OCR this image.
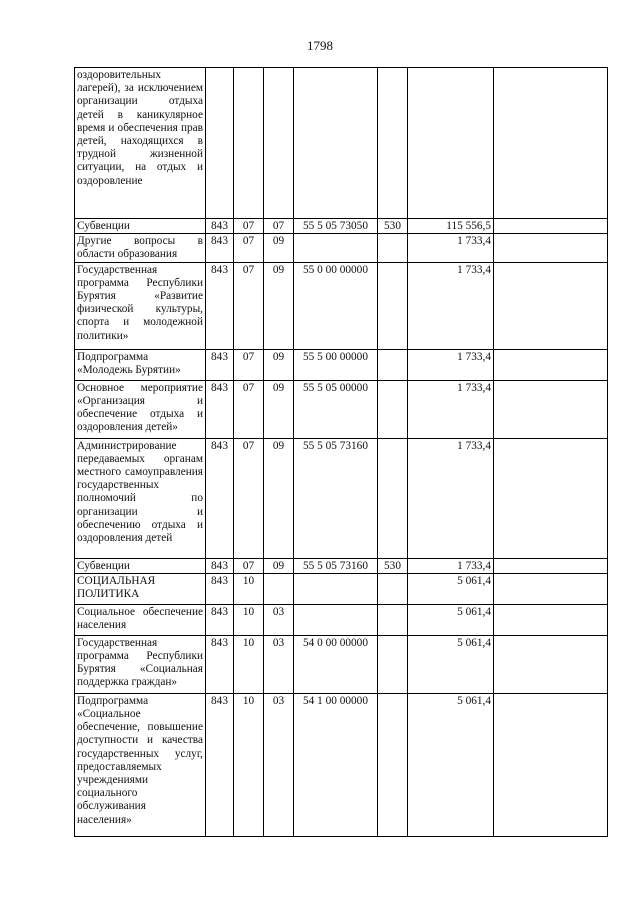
1798
оздоровительных лагерей), за исключением организации отдыха детей в каникулярное время и обеспечения прав детей, находящихся в трудной жизненной ситуации, на отдых и оздоровление							
Субвенции	843	07	07	55 5 05 73050	530	115 556,5	
Другие вопросы в области образования	843	07	09			1 733,4	
Государственная программа Республики Бурятия «Развитие физической культуры, спорта и молодежной политики»	843	07	09	55 0 00 00000		1 733,4	
Подпрограмма «Молодежь Бурятии»	843	07	09	55 5 00 00000		1 733,4	
Основное мероприятие «Организация и обеспечение отдыха и оздоровления детей»	843	07	09	55 5 05 00000		1 733,4	
Администрирование передаваемых органам местного самоуправления государственных полномочий по организации и обеспечению отдыха и оздоровления детей	843	07	09	55 5 05 73160		1 733,4	
Субвенции	843	07	09	55 5 05 73160	530	1 733,4	
СОЦИАЛЬНАЯ ПОЛИТИКА	843	10				5 061,4	
Социальное обеспечение населения	843	10	03			5 061,4	
Государственная программа Республики Бурятия «Социальная поддержка граждан»	843	10	03	54 0 00 00000		5 061,4	
Подпрограмма «Социальное обеспечение, повышение доступности и качества государственных услуг, предоставляемых учреждениями социального обслуживания населения»	843	10	03	54 1 00 00000		5 061,4	
